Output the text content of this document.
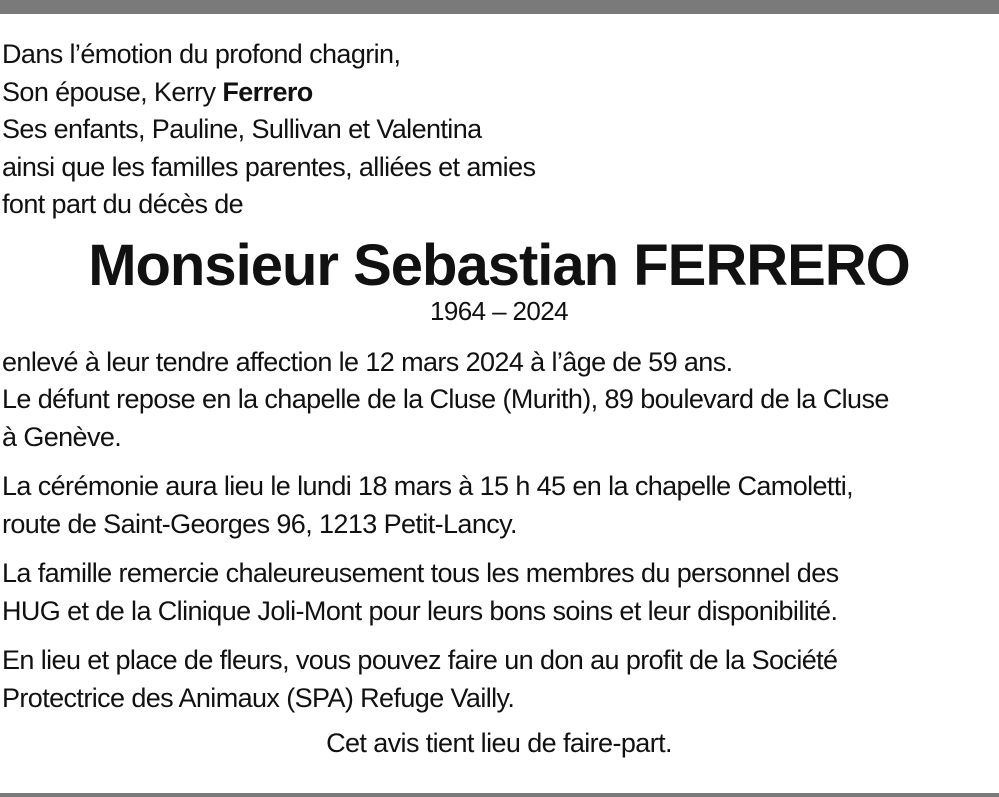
Dans l’émotion du profond chagrin,
Son épouse, Kerry Ferrero
Ses enfants, Pauline, Sullivan et Valentina
ainsi que les familles parentes, alliées et amies
font part du décès de
Monsieur Sebastian FERRERO
1964 – 2024
enlevé à leur tendre affection le 12 mars 2024 à l’âge de 59 ans.
Le défunt repose en la chapelle de la Cluse (Murith), 89 boulevard de la Cluse
à Genève.
La cérémonie aura lieu le lundi 18 mars à 15 h 45 en la chapelle Camoletti,
route de Saint-Georges 96, 1213 Petit-Lancy.
La famille remercie chaleureusement tous les membres du personnel des
HUG et de la Clinique Joli-Mont pour leurs bons soins et leur disponibilité.
En lieu et place de fleurs, vous pouvez faire un don au profit de la Société
Protectrice des Animaux (SPA) Refuge Vailly.
Cet avis tient lieu de faire-part.
